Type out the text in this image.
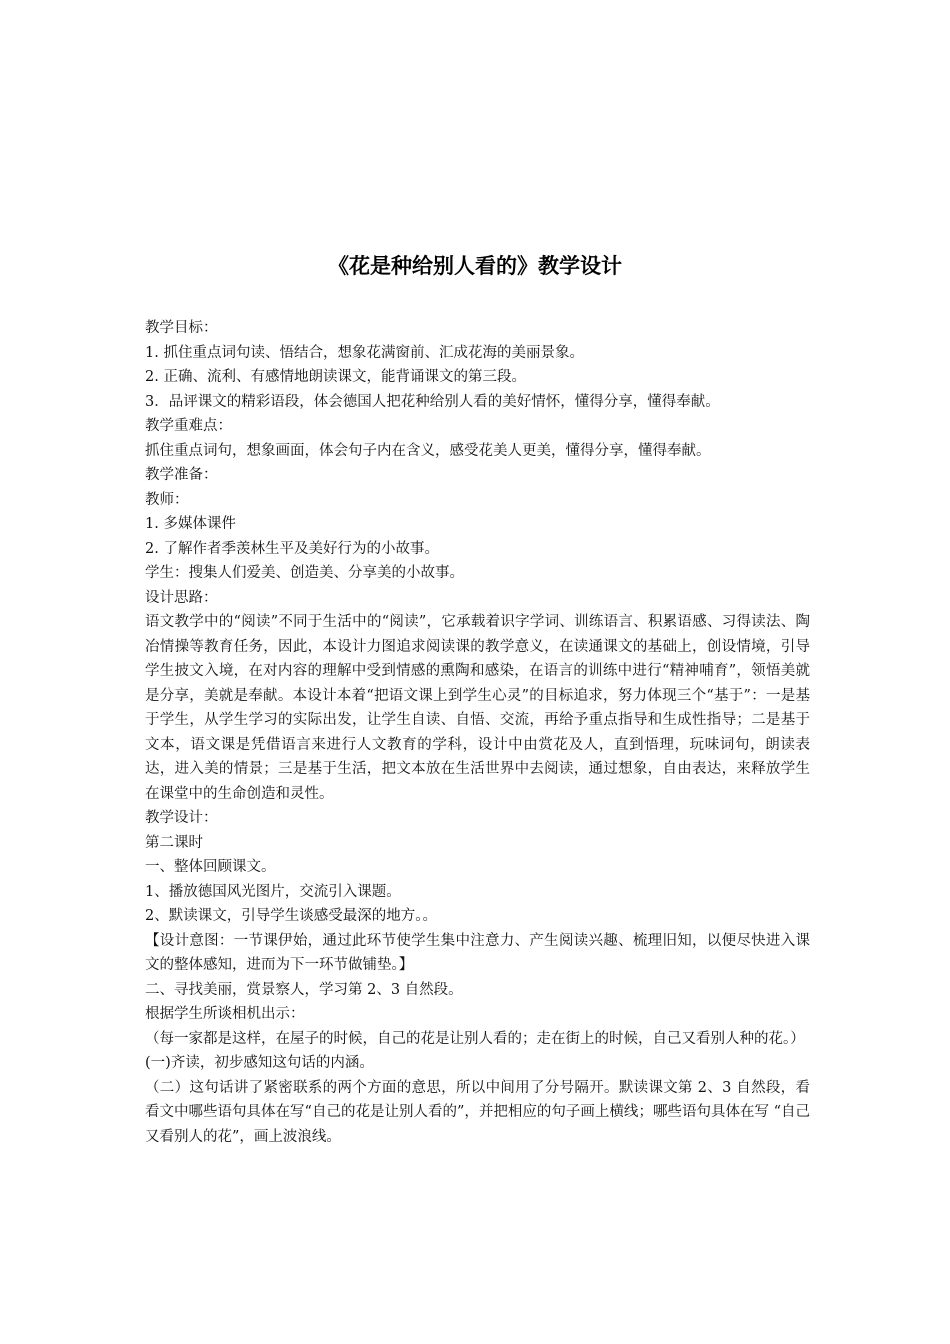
《花是种给别人看的》教学设计

教学目标：

1. 抓住重点词句读、悟结合，想象花满窗前、汇成花海的美丽景象。

2. 正确、流利、有感情地朗读课文，能背诵课文的第三段。

3．品评课文的精彩语段，体会德国人把花种给别人看的美好情怀，懂得分享，懂得奉献。

教学重难点：

抓住重点词句，想象画面，体会句子内在含义，感受花美人更美，懂得分享，懂得奉献。

教学准备：

教师：

1. 多媒体课件

2. 了解作者季羡林生平及美好行为的小故事。

学生：搜集人们爱美、创造美、分享美的小故事。

设计思路：

语文教学中的“阅读”不同于生活中的“阅读”，它承载着识字学词、训练语言、积累语感、习得读法、陶冶情操等教育任务，因此，本设计力图追求阅读课的教学意义，在读通课文的基础上，创设情境，引导学生披文入境，在对内容的理解中受到情感的熏陶和感染，在语言的训练中进行“精神哺育”，领悟美就是分享，美就是奉献。本设计本着“把语文课上到学生心灵”的目标追求，努力体现三个“基于”：一是基于学生，从学生学习的实际出发，让学生自读、自悟、交流，再给予重点指导和生成性指导；二是基于文本，语文课是凭借语言来进行人文教育的学科，设计中由赏花及人，直到悟理，玩味词句，朗读表达，进入美的情景；三是基于生活，把文本放在生活世界中去阅读，通过想象，自由表达，来释放学生在课堂中的生命创造和灵性。

教学设计：

第二课时

一、整体回顾课文。

1、播放德国风光图片，交流引入课题。

2、默读课文，引导学生谈感受最深的地方。。

【设计意图：一节课伊始，通过此环节使学生集中注意力、产生阅读兴趣、梳理旧知，以便尽快进入课文的整体感知，进而为下一环节做铺垫。】

二、寻找美丽，赏景察人，学习第 2、3 自然段。

根据学生所谈相机出示：

（每一家都是这样，在屋子的时候，自己的花是让别人看的；走在街上的时候，自己又看别人种的花。）

(一)齐读，初步感知这句话的内涵。

（二）这句话讲了紧密联系的两个方面的意思，所以中间用了分号隔开。默读课文第 2、3 自然段，看看文中哪些语句具体在写“自己的花是让别人看的”，并把相应的句子画上横线；哪些语句具体在写 “自己又看别人的花”，画上波浪线。
